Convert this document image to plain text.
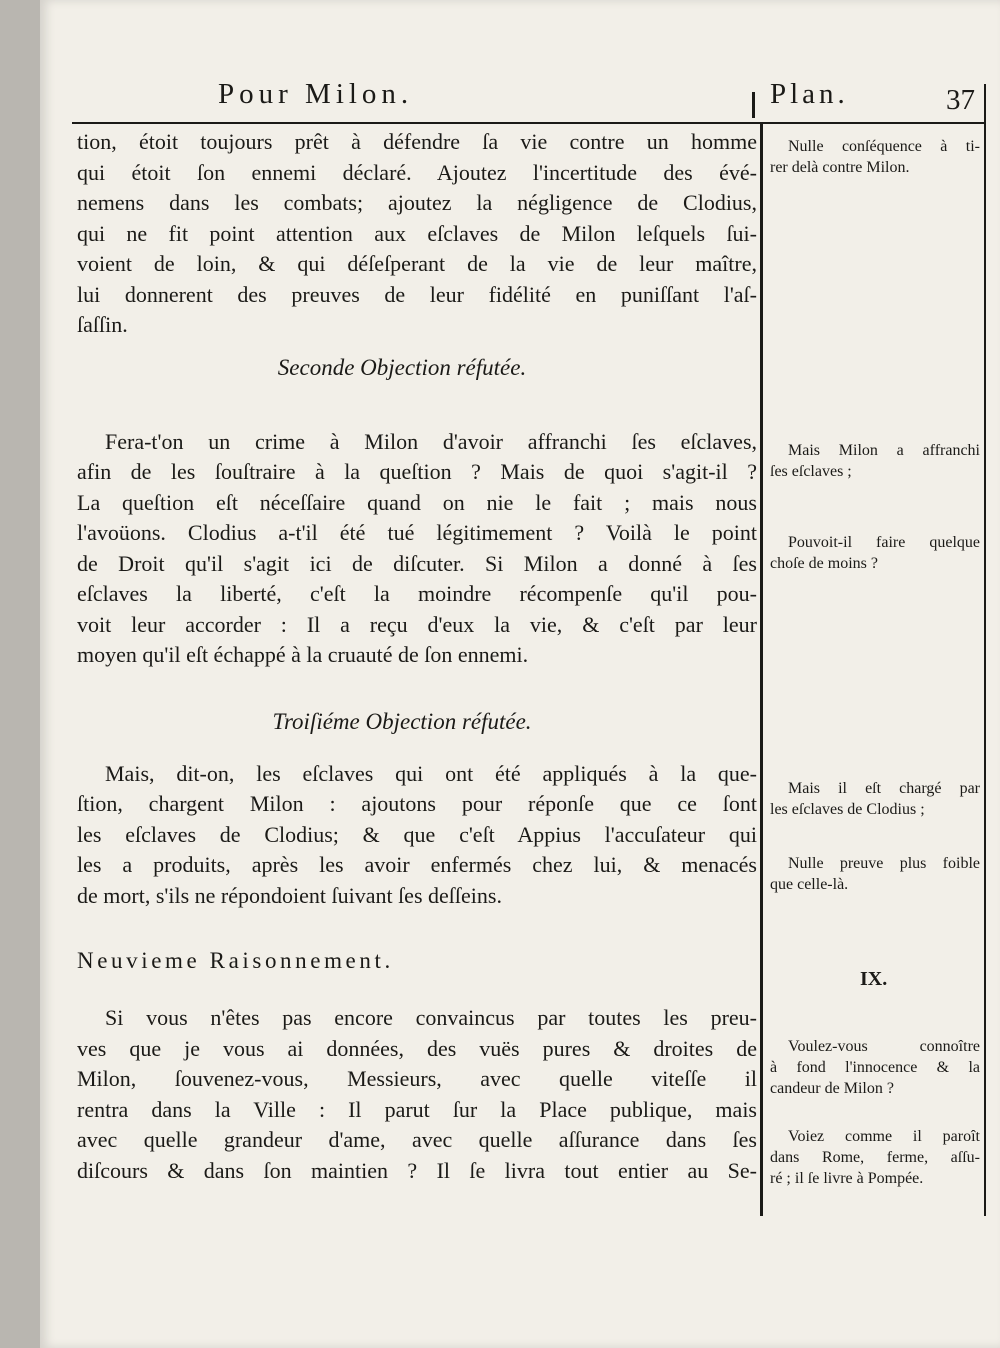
Pour Milon.	Plan.	37
tion, étoit toujours prêt à défendre ſa vie contre un homme
qui étoit ſon ennemi déclaré. Ajoutez l'incertitude des évé-
nemens dans les combats; ajoutez la négligence de Clodius,
qui ne fit point attention aux eſclaves de Milon leſquels ſui-
voient de loin, & qui déſeſperant de la vie de leur maître,
lui donnerent des preuves de leur fidélité en puniſſant l'aſ-
ſaſſin.
Seconde Objection réfutée.
Fera-t'on un crime à Milon d'avoir affranchi ſes eſclaves,
afin de les ſouſtraire à la queſtion ? Mais de quoi s'agit-il ?
La queſtion eſt néceſſaire quand on nie le fait ; mais nous
l'avoüons. Clodius a-t'il été tué légitimement ? Voilà le point
de Droit qu'il s'agit ici de diſcuter. Si Milon a donné à ſes
eſclaves la liberté, c'eſt la moindre récompenſe qu'il pou-
voit leur accorder : Il a reçu d'eux la vie, & c'eſt par leur
moyen qu'il eſt échappé à la cruauté de ſon ennemi.
Troiſiéme Objection réfutée.
Mais, dit-on, les eſclaves qui ont été appliqués à la que-
ſtion, chargent Milon : ajoutons pour réponſe que ce ſont
les eſclaves de Clodius; & que c'eſt Appius l'accuſateur qui
les a produits, après les avoir enfermés chez lui, & menacés
de mort, s'ils ne répondoient ſuivant ſes deſſeins.
Neuvieme Raisonnement.
Si vous n'êtes pas encore convaincus par toutes les preu-
ves que je vous ai données, des vuës pures & droites de
Milon, ſouvenez-vous, Messieurs, avec quelle viteſſe il
rentra dans la Ville : Il parut ſur la Place publique, mais
avec quelle grandeur d'ame, avec quelle aſſurance dans ſes
diſcours & dans ſon maintien ? Il ſe livra tout entier au Se-
Nulle conſéquence à ti-
rer delà contre Milon.
Mais Milon a affranchi
ſes eſclaves ;
Pouvoit-il faire quelque
choſe de moins ?
Mais il eſt chargé par
les eſclaves de Clodius ;
Nulle preuve plus foible
que celle-là.
IX.
Voulez-vous connoître
à fond l'innocence & la
candeur de Milon ?
Voiez comme il paroît
dans Rome, ferme, aſſu-
ré ; il ſe livre à Pompée.
